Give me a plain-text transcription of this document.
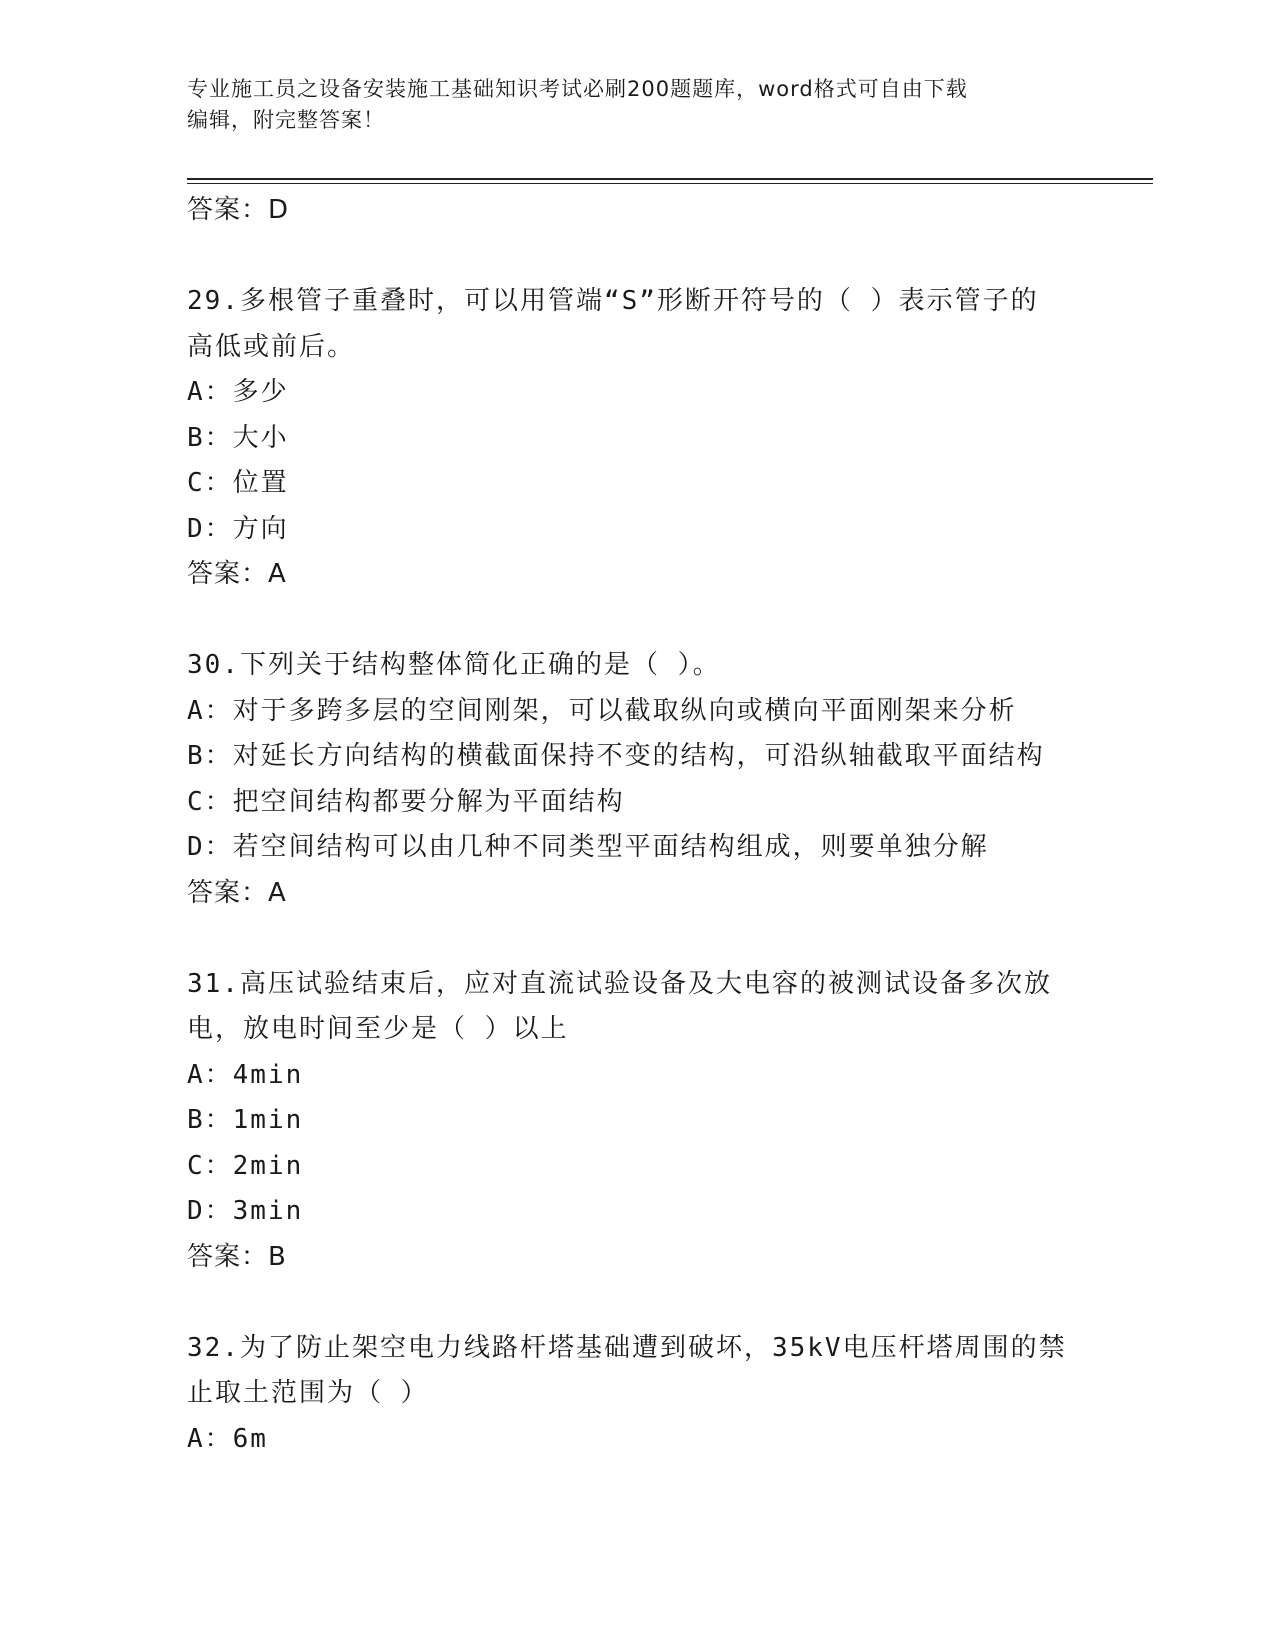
专业施工员之设备安装施工基础知识考试必刷200题题库，word格式可自由下载
编辑，附完整答案！
答案：D
29.多根管子重叠时，可以用管端“S”形断开符号的（ ）表示管子的
高低或前后。
A：多少
B：大小
C：位置
D：方向
答案：A
30.下列关于结构整体简化正确的是（ ）。
A：对于多跨多层的空间刚架，可以截取纵向或横向平面刚架来分析
B：对延长方向结构的横截面保持不变的结构，可沿纵轴截取平面结构
C：把空间结构都要分解为平面结构
D：若空间结构可以由几种不同类型平面结构组成，则要单独分解
答案：A
31.高压试验结束后，应对直流试验设备及大电容的被测试设备多次放
电，放电时间至少是（ ）以上
A：4min
B：1min
C：2min
D：3min
答案：B
32.为了防止架空电力线路杆塔基础遭到破坏，35kV电压杆塔周围的禁
止取土范围为（ ）
A：6m
